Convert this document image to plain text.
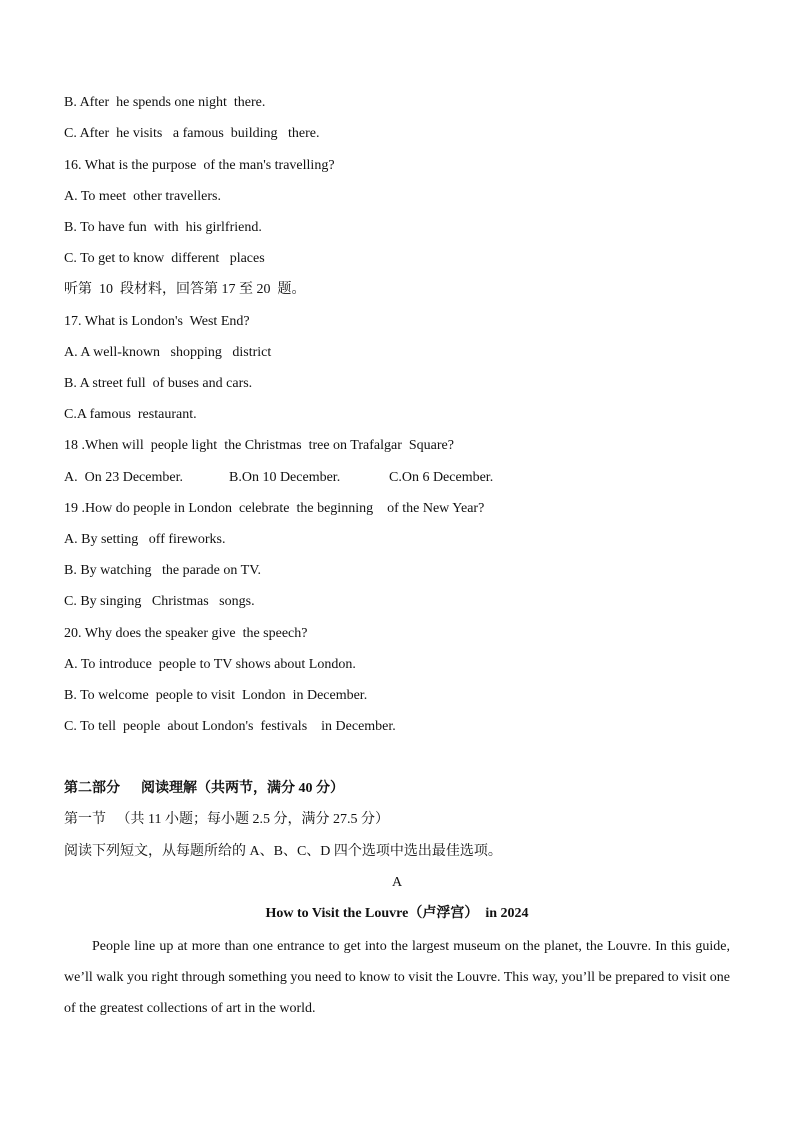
B. After  he spends one night  there.
C. After  he visits   a famous  building   there.
16. What is the purpose  of the man's travelling?
A. To meet  other travellers.
B. To have fun  with  his girlfriend.
C. To get to know  different   places
听第  10  段材料，回答第 17 至 20  题。
17. What is London's  West End?
A. A well-known   shopping   district
B. A street full  of buses and cars.
C.A famous  restaurant.
18 .When will  people light  the Christmas  tree on Trafalgar  Square?

A.  On 23 December.

	B.On 10 December.

	C.On 6 December.

19 .How do people in London  celebrate  the beginning    of the New Year?
A. By setting   off fireworks.
B. By watching   the parade on TV.
C. By singing   Christmas   songs.
20. Why does the speaker give  the speech?
A. To introduce  people to TV shows about London.
B. To welcome  people to visit  London  in December.
C. To tell  people  about London's  festivals    in December.
第二部分      阅读理解（共两节，满分 40 分）
第一节   （共 11 小题；每小题 2.5 分，满分 27.5 分）
阅读下列短文，从每题所给的 A、B、C、D 四个选项中选出最佳选项。
A
How to Visit the Louvre（卢浮宫）  in 2024
People line up at more than one entrance to get into the largest museum on the planet, the Louvre. In this guide, we’ll walk you right through something you need to know to visit the Louvre. This way, you’ll be prepared to visit one of the greatest collections of art in the world.
